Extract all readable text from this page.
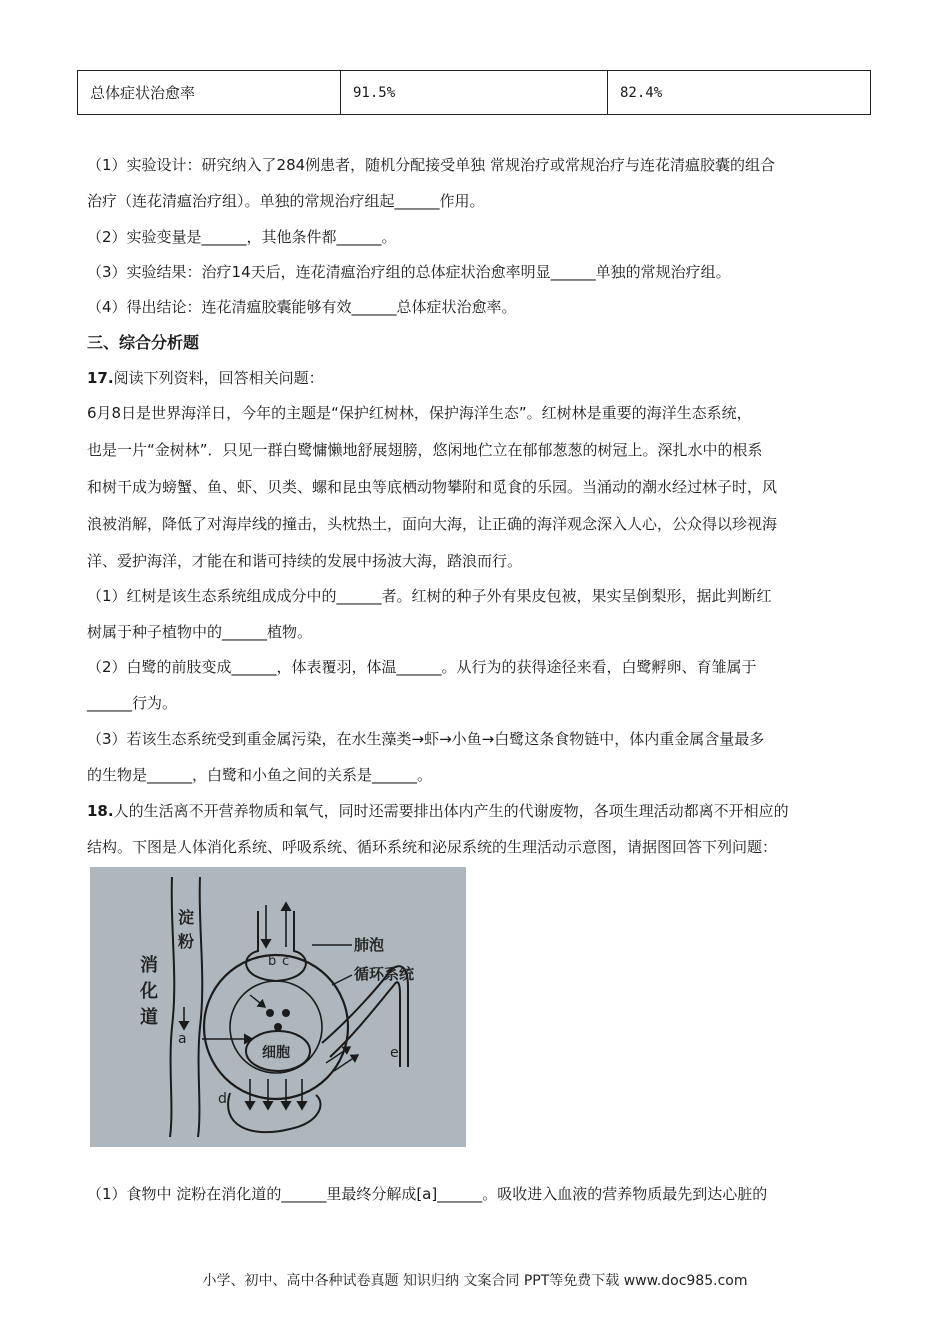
总体症状治愈率	91.5%	82.4%
（1）实验设计：研究纳入了284例患者，随机分配接受单独 常规治疗或常规治疗与连花清瘟胶囊的组合
治疗（连花清瘟治疗组）。单独的常规治疗组起______作用。
（2）实验变量是______，其他条件都______。
（3）实验结果：治疗14天后，连花清瘟治疗组的总体症状治愈率明显______单独的常规治疗组。
（4）得出结论：连花清瘟胶囊能够有效______总体症状治愈率。
三、综合分析题
17.阅读下列资料，回答相关问题：
6月8日是世界海洋日，今年的主题是“保护红树林，保护海洋生态”。红树林是重要的海洋生态系统，
也是一片“金树林”．只见一群白鹭慵懒地舒展翅膀，悠闲地伫立在郁郁葱葱的树冠上。深扎水中的根系
和树干成为螃蟹、鱼、虾、贝类、螺和昆虫等底栖动物攀附和觅食的乐园。当涌动的潮水经过林子时，风
浪被消解，降低了对海岸线的撞击，头枕热土，面向大海，让正确的海洋观念深入人心，公众得以珍视海
洋、爱护海洋，才能在和谐可持续的发展中扬波大海，踏浪而行。
（1）红树是该生态系统组成成分中的______者。红树的种子外有果皮包被，果实呈倒梨形，据此判断红
树属于种子植物中的______植物。
（2）白鹭的前肢变成______，体表覆羽，体温______。从行为的获得途径来看，白鹭孵卵、育雏属于
______行为。
（3）若该生态系统受到重金属污染，在水生藻类→虾→小鱼→白鹭这条食物链中，体内重金属含量最多
的生物是______，白鹭和小鱼之间的关系是______。
18.人的生活离不开营养物质和氧气，同时还需要排出体内产生的代谢废物，各项生理活动都离不开相应的
结构。下图是人体消化系统、呼吸系统、循环系统和泌尿系统的生理活动示意图，请据图回答下列问题：
消
化
道
淀
粉	肺泡
循环系统
细胞
a
b c
d
e
（1）食物中 淀粉在消化道的______里最终分解成[a]______。吸收进入血液的营养物质最先到达心脏的
小学、初中、高中各种试卷真题 知识归纳 文案合同 PPT等免费下载 www.doc985.com
